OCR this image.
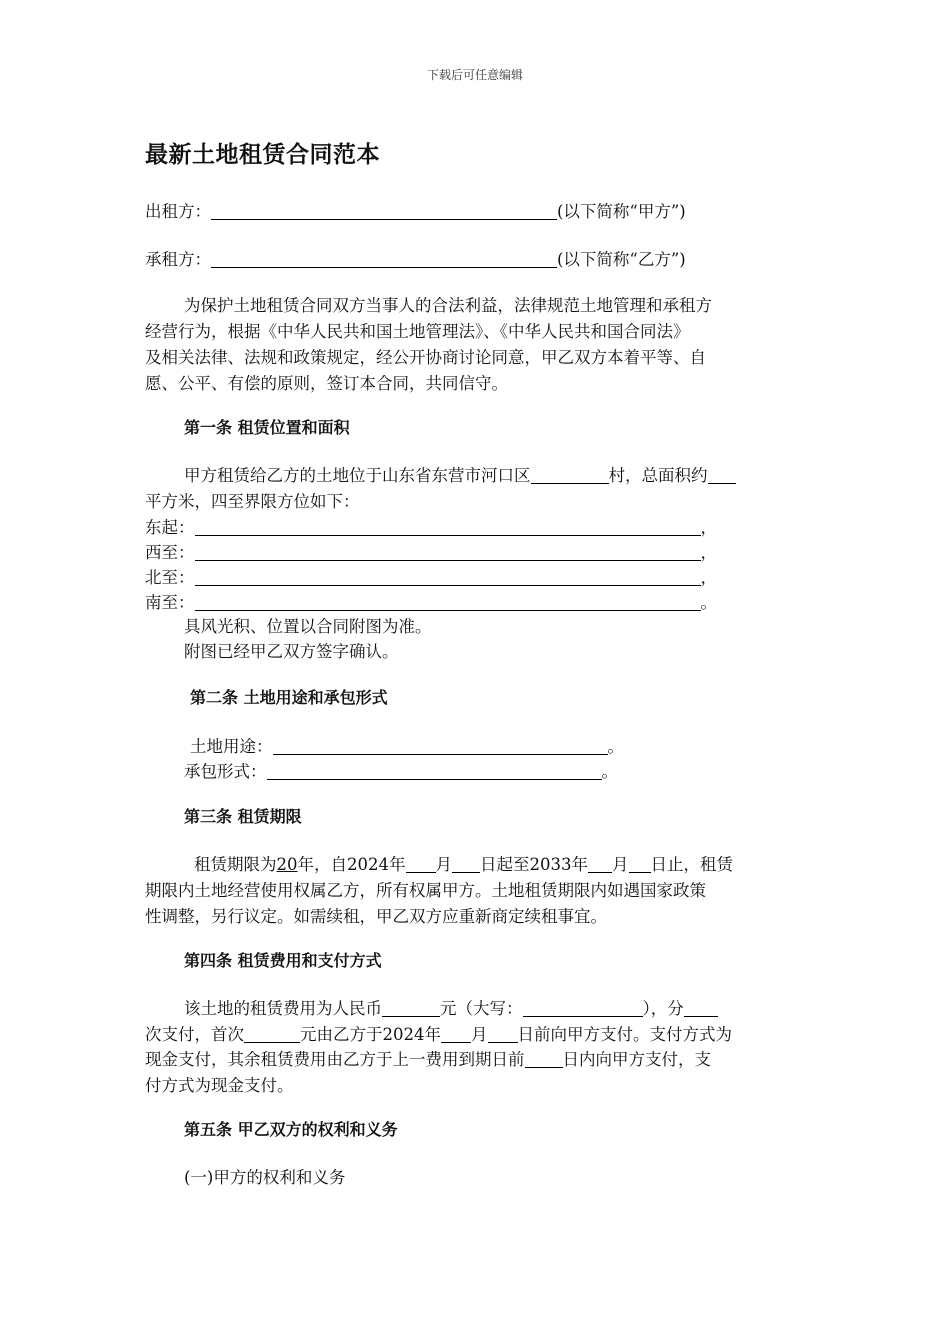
下载后可任意编辑
最新土地租赁合同范本
出租方：	(以下简称“甲方”)
承租方：	(以下简称“乙方”)
为保护土地租赁合同双方当事人的合法利益，法律规范土地管理和承租方
经营行为，根据《中华人民共和国土地管理法》、《中华人民共和国合同法》
及相关法律、法规和政策规定，经公开协商讨论同意，甲乙双方本着平等、自
愿、公平、有偿的原则，签订本合同，共同信守。
第一条 租赁位置和面积
甲方租赁给乙方的土地位于山东省东营市河口区	村，总面积约
平方米，四至界限方位如下：
东起：	，
西至：	，
北至：	，
南至：	。
具风光积、位置以合同附图为准。
附图已经甲乙双方签字确认。
第二条 土地用途和承包形式
土地用途：	。
承包形式：	。
第三条 租赁期限
租赁期限为20年，自2024年 月 日起至2033年 月 日止，租赁
期限内土地经营使用权属乙方，所有权属甲方。土地租赁期限内如遇国家政策
性调整，另行议定。如需续租，甲乙双方应重新商定续租事宜。
第四条 租赁费用和支付方式
该土地的租赁费用为人民币	元（大写：	），分
次支付，首次	元由乙方于2024年 月 日前向甲方支付。支付方式为
现金支付，其余租赁费用由乙方于上一费用到期日前 日内向甲方支付，支
付方式为现金支付。
第五条 甲乙双方的权利和义务
(一)甲方的权利和义务
